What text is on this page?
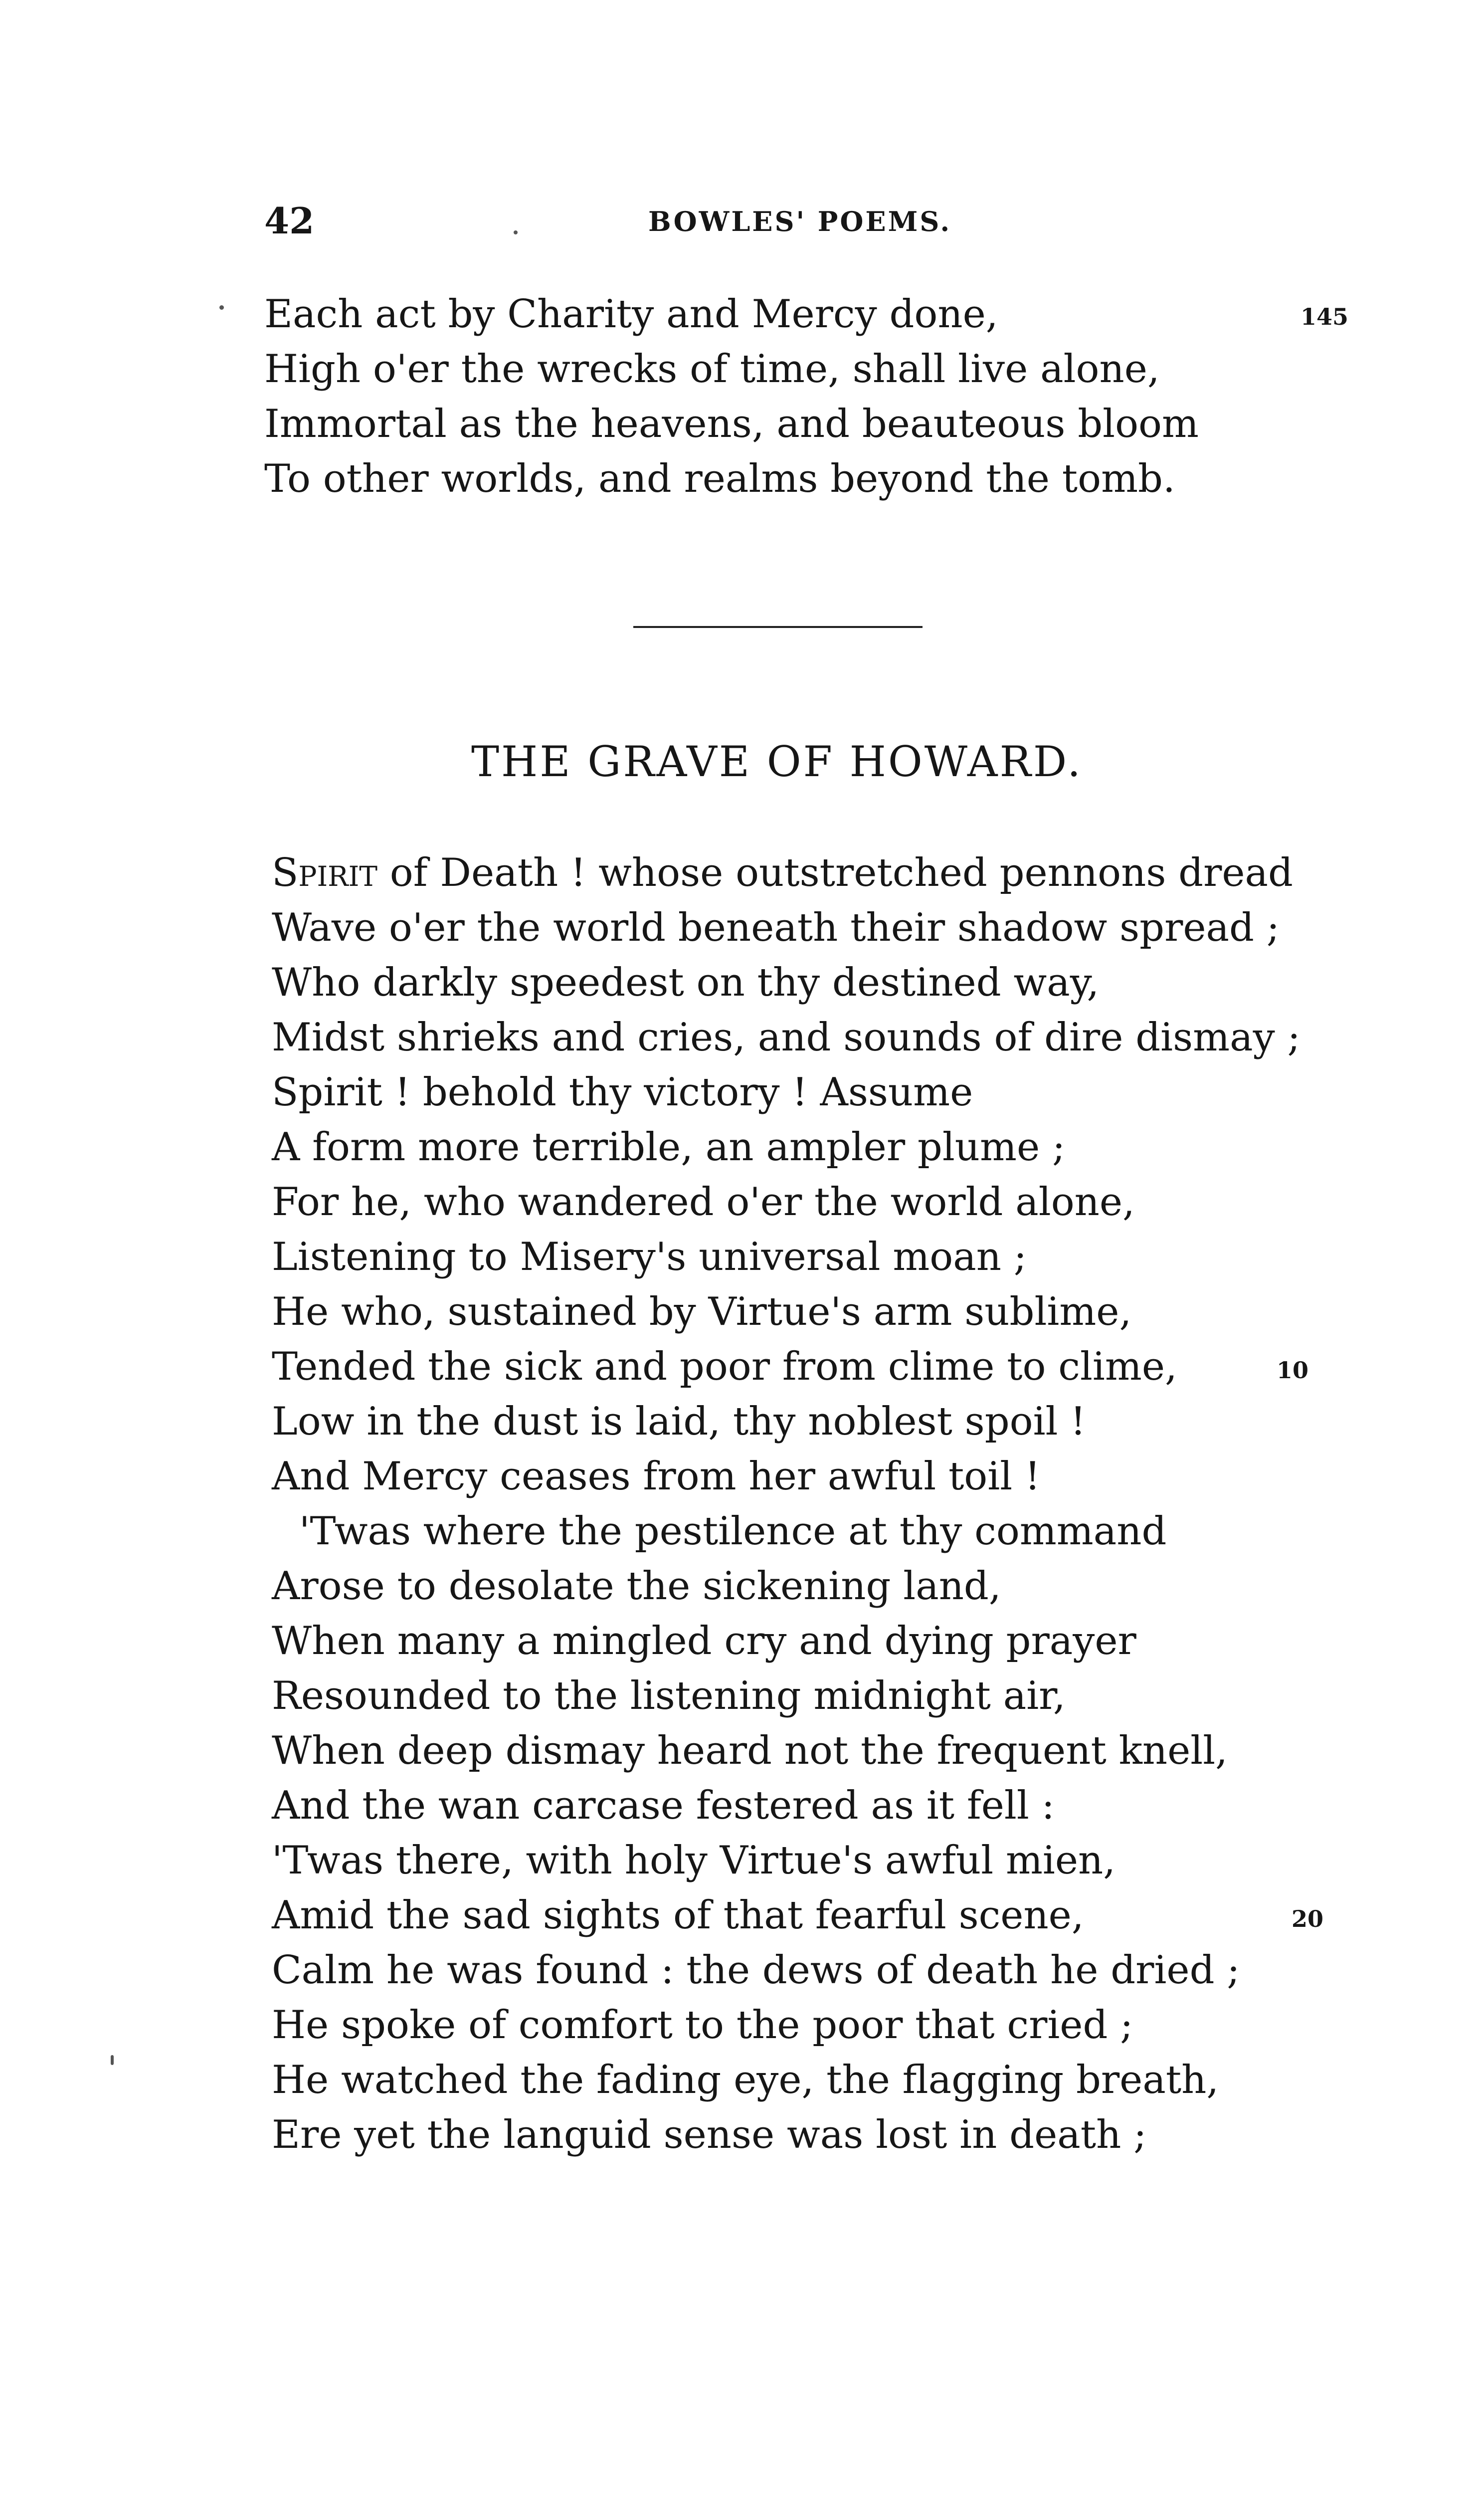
42	BOWLES' POEMS.
Each act by Charity and Mercy done,	145
High o'er the wrecks of time, shall live alone,
Immortal as the heavens, and beauteous bloom
To other worlds, and realms beyond the tomb.
THE GRAVE OF HOWARD.
Spirit of Death ! whose outstretched pennons dread
Wave o'er the world beneath their shadow spread ;
Who darkly speedest on thy destined way,
Midst shrieks and cries, and sounds of dire dismay ;
Spirit ! behold thy victory ! Assume
A form more terrible, an ampler plume ;
For he, who wandered o'er the world alone,
Listening to Misery's universal moan ;
He who, sustained by Virtue's arm sublime,
Tended the sick and poor from clime to clime,	10
Low in the dust is laid, thy noblest spoil !
And Mercy ceases from her awful toil !
'Twas where the pestilence at thy command
Arose to desolate the sickening land,
When many a mingled cry and dying prayer
Resounded to the listening midnight air,
When deep dismay heard not the frequent knell,
And the wan carcase festered as it fell :
'Twas there, with holy Virtue's awful mien,
Amid the sad sights of that fearful scene,	20
Calm he was found : the dews of death he dried ;
He spoke of comfort to the poor that cried ;
He watched the fading eye, the flagging breath,
Ere yet the languid sense was lost in death ;
